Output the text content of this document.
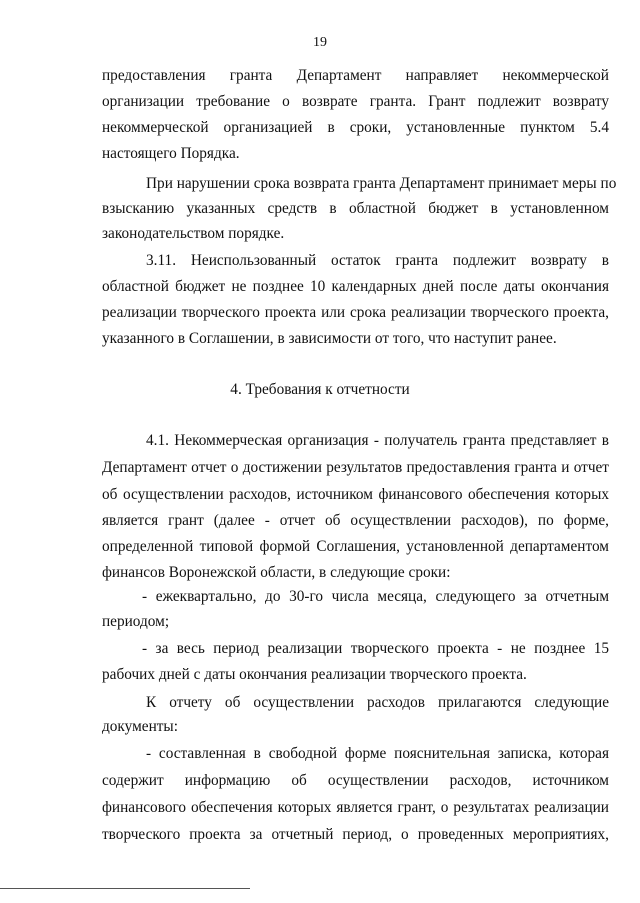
19
предоставления гранта Департамент направляет некоммерческой
организации требование о возврате гранта. Грант подлежит возврату
некоммерческой организацией в сроки, установленные пунктом 5.4
настоящего Порядка.
При нарушении срока возврата гранта Департамент принимает меры по
взысканию указанных средств в областной бюджет в установленном
законодательством порядке.
3.11. Неиспользованный остаток гранта подлежит возврату в
областной бюджет не позднее 10 календарных дней после даты окончания
реализации творческого проекта или срока реализации творческого проекта,
указанного в Соглашении, в зависимости от того, что наступит ранее.
4. Требования к отчетности
4.1. Некоммерческая организация - получатель гранта представляет в
Департамент отчет о достижении результатов предоставления гранта и отчет
об осуществлении расходов, источником финансового обеспечения которых
является грант (далее - отчет об осуществлении расходов), по форме,
определенной типовой формой Соглашения, установленной департаментом
финансов Воронежской области, в следующие сроки:
- ежеквартально, до 30-го числа месяца, следующего за отчетным
периодом;
- за весь период реализации творческого проекта - не позднее 15
рабочих дней с даты окончания реализации творческого проекта.
К отчету об осуществлении расходов прилагаются следующие
документы:
- составленная в свободной форме пояснительная записка, которая
содержит информацию об осуществлении расходов, источником
финансового обеспечения которых является грант, о результатах реализации
творческого проекта за отчетный период, о проведенных мероприятиях,
